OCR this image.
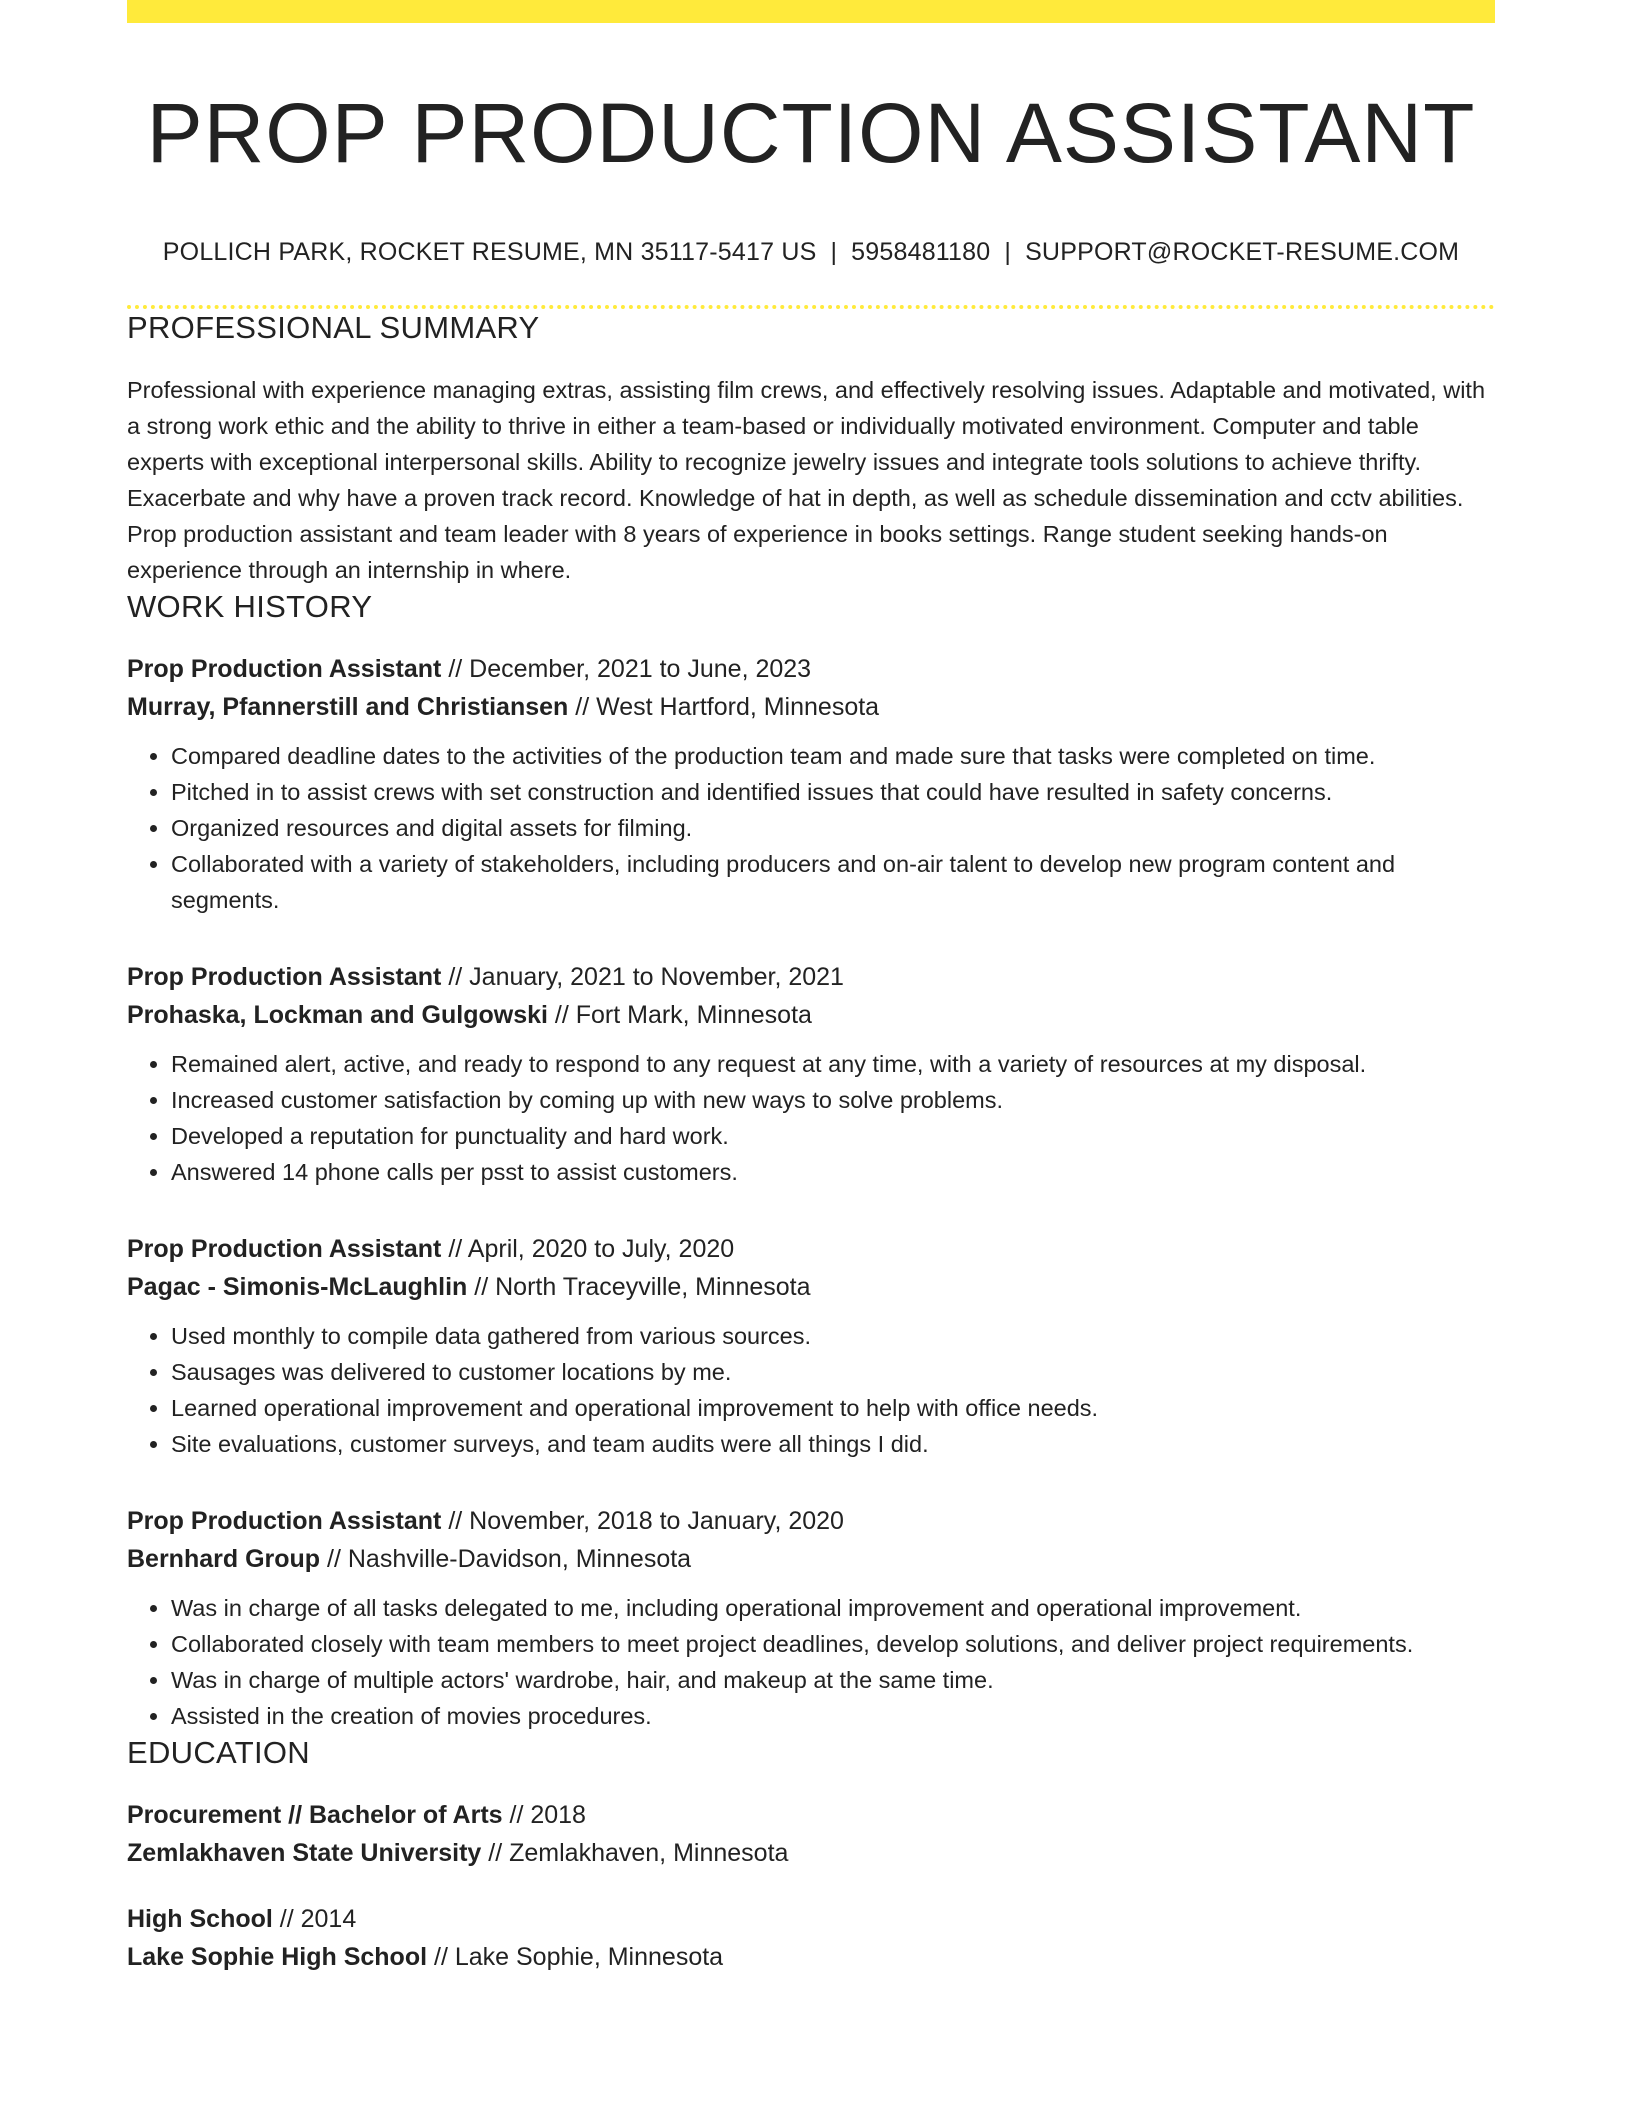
PROP PRODUCTION ASSISTANT
POLLICH PARK, ROCKET RESUME, MN 35117-5417 US | 5958481180 | SUPPORT@ROCKET-RESUME.COM
PROFESSIONAL SUMMARY

Professional with experience managing extras, assisting film crews, and effectively resolving issues. Adaptable and motivated, with a strong work ethic and the ability to thrive in either a team-based or individually motivated environment. Computer and table experts with exceptional interpersonal skills. Ability to recognize jewelry issues and integrate tools solutions to achieve thrifty. Exacerbate and why have a proven track record. Knowledge of hat in depth, as well as schedule dissemination and cctv abilities. Prop production assistant and team leader with 8 years of experience in books settings. Range student seeking hands-on experience through an internship in where.

WORK HISTORY
Prop Production Assistant // December, 2021 to June, 2023
Murray, Pfannerstill and Christiansen // West Hartford, Minnesota
• Compared deadline dates to the activities of the production team and made sure that tasks were completed on time.
• Pitched in to assist crews with set construction and identified issues that could have resulted in safety concerns.
• Organized resources and digital assets for filming.
• Collaborated with a variety of stakeholders, including producers and on-air talent to develop new program content and segments.
Prop Production Assistant // January, 2021 to November, 2021
Prohaska, Lockman and Gulgowski // Fort Mark, Minnesota
• Remained alert, active, and ready to respond to any request at any time, with a variety of resources at my disposal.
• Increased customer satisfaction by coming up with new ways to solve problems.
• Developed a reputation for punctuality and hard work.
• Answered 14 phone calls per psst to assist customers.
Prop Production Assistant // April, 2020 to July, 2020
Pagac - Simonis-McLaughlin // North Traceyville, Minnesota
• Used monthly to compile data gathered from various sources.
• Sausages was delivered to customer locations by me.
• Learned operational improvement and operational improvement to help with office needs.
• Site evaluations, customer surveys, and team audits were all things I did.
Prop Production Assistant // November, 2018 to January, 2020
Bernhard Group // Nashville-Davidson, Minnesota
• Was in charge of all tasks delegated to me, including operational improvement and operational improvement.
• Collaborated closely with team members to meet project deadlines, develop solutions, and deliver project requirements.
• Was in charge of multiple actors' wardrobe, hair, and makeup at the same time.
• Assisted in the creation of movies procedures.
EDUCATION
Procurement // Bachelor of Arts // 2018
Zemlakhaven State University // Zemlakhaven, Minnesota
High School // 2014
Lake Sophie High School // Lake Sophie, Minnesota
